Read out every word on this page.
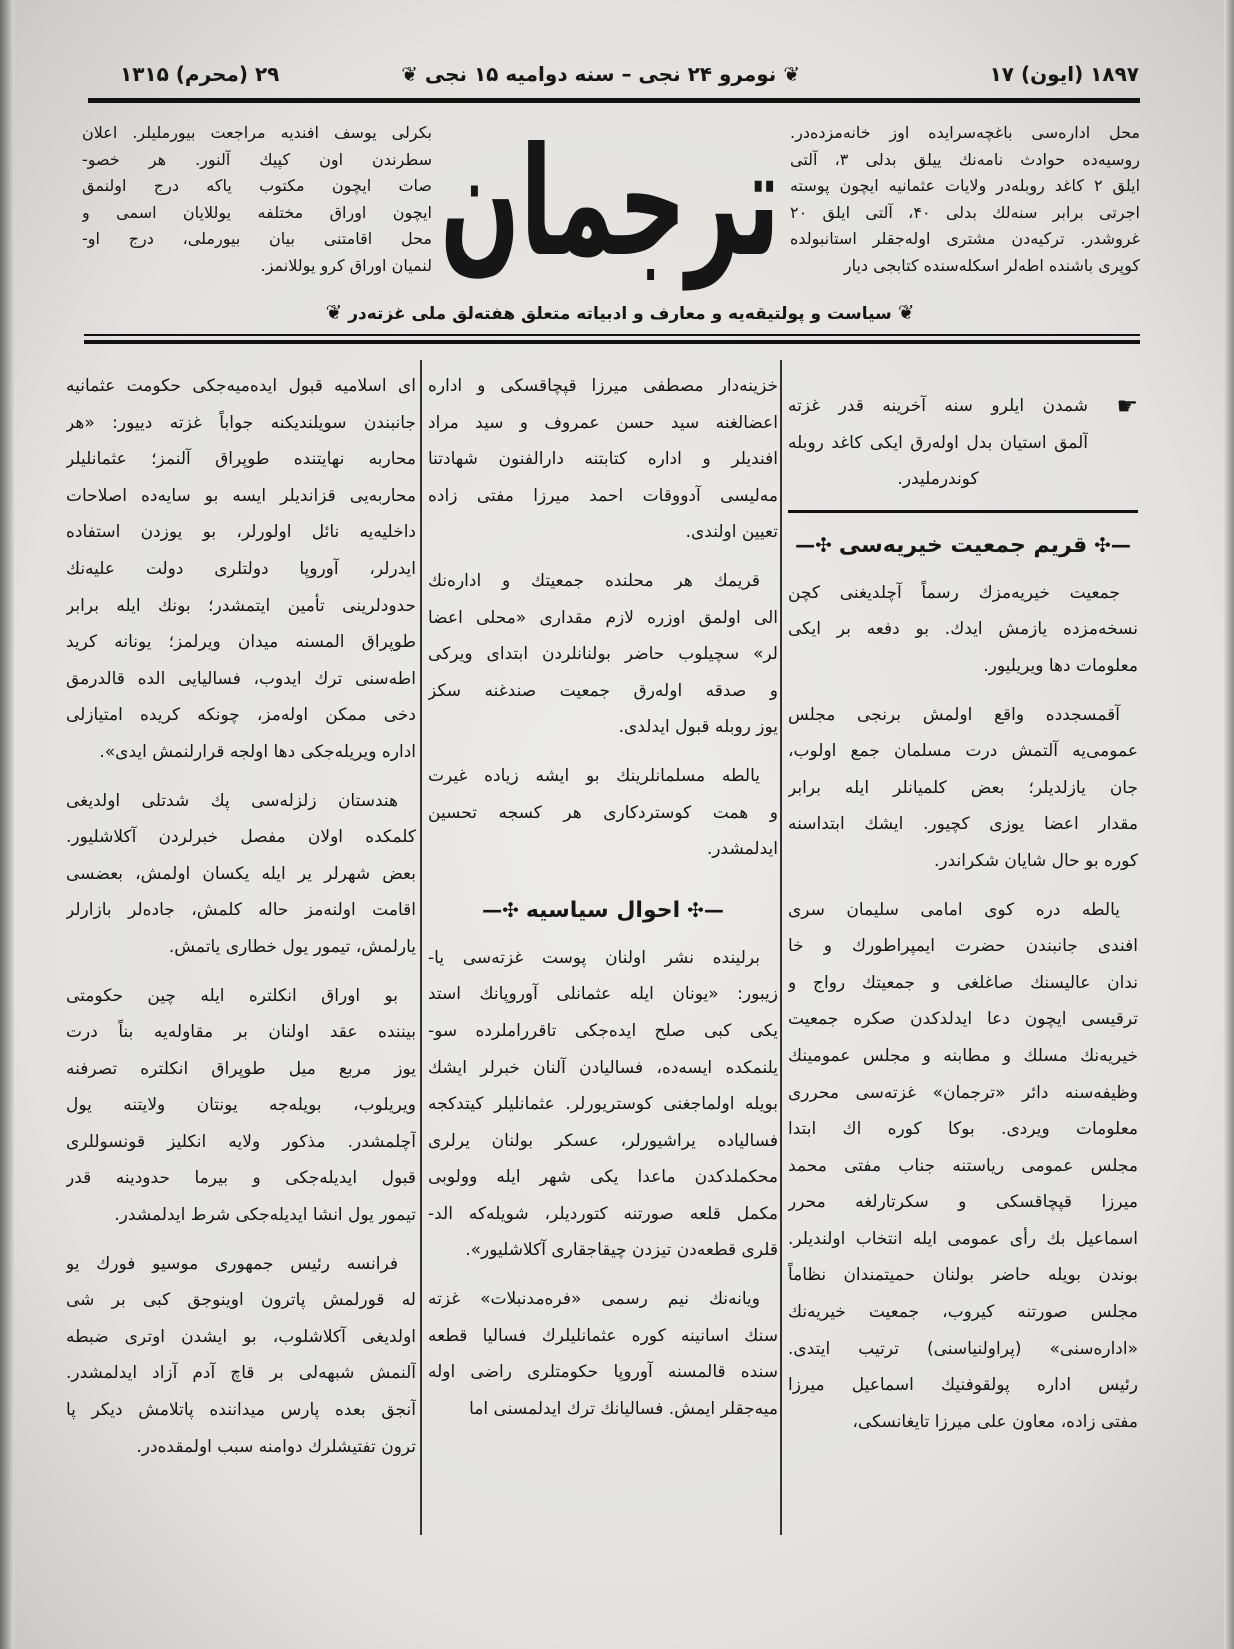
۱۸۹۷ (ایون) ۱۷
❦ نومرو ۲۴ نجی – سنه دوامیه ۱۵ نجی ❦
۲۹ (محرم) ۱۳۱۵
محل اداره‌سی باغچه‌سرایده اوز خانه‌مزده‌در.
روسیه‌ده حوادث نامه‌نك ییلق بدلی ۳، آلتی
ایلق ۲ کاغد روبله‌در ولایات عثمانیه ایچون پوسته
اجرتی برابر سنه‌لك بدلی ۴۰، آلتی ایلق ۲۰
غروشدر. ترکیه‌دن مشتری اوله‌جقلر استانبولده
کوپری باشنده اطه‌لر اسکله‌سنده کتابجی دیار
ترجمان
بکرلی یوسف افندیه مراجعت بیورملیلر. اعلان
سطرندن اون کپیك آلنور. هر خصو-
صات ایچون مکتوب یاکه درج اولنمق
ایچون اوراق مختلفه یوللایان اسمی و
محل اقامتنی بیان بیورملی، درج او-
لنمیان اوراق کرو یوللانمز.
❦ سیاست و پولتیقه‌یه و معارف و ادبیاته متعلق هفته‌لق ملی غزته‌در ❦
☛
شمدن ایلرو سنه آخرینه قدر غزته
آلمق استیان بدل اوله‌رق ایکی کاغد روبله
کوندرملیدر.
—✣ قریم جمعیت خیریه‌سی ✣—
جمعیت خیریه‌مزك رسماً آچلدیغنی کچن
نسخه‌مزده یازمش ایدك. بو دفعه بر ایکی
معلومات دها ویریلیور.
آقمسجدده واقع اولمش برنجی مجلس
عمومی‌یه آلتمش درت مسلمان جمع اولوب،
جان یازلدیلر؛ بعض کلمیانلر ایله برابر
مقدار اعضا یوزی کچیور. ایشك ابتداسنه
کوره بو حال شایان شکراندر.
یالطه دره کوی امامی سلیمان سری
افندی جانبندن حضرت ایمپراطورك و خا
ندان عالیسنك صاغلغی و جمعیتك رواج و
ترقیسی ایچون دعا ایدلدکدن صکره جمعیت
خیریه‌نك مسلك و مطابنه و مجلس عمومینك
وظیفه‌سنه دائر «ترجمان» غزته‌سی محرری
معلومات ویردی. بوکا کوره اك ابتدا
مجلس عمومی ریاستنه جناب مفتی محمد
میرزا قپچاقسکی و سکرتارلغه محرر
اسماعیل بك رأی عمومی ایله انتخاب اولندیلر.
بوندن بویله حاضر بولنان حمیتمندان نظاماً
مجلس صورتنه کیروب، جمعیت خیریه‌نك
«اداره‌سنی» (پراولنیاسنی) ترتیب ایتدی.
رئیس اداره پولقوفنیك اسماعیل میرزا
مفتی زاده، معاون علی میرزا تایغانسکی،
خزینه‌دار مصطفی میرزا قپچاقسکی و اداره
اعضالغنه سید حسن عمروف و سید مراد
افندیلر و اداره کتابتنه دارالفنون شهادتنا
مه‌لیسی آدووقات احمد میرزا مفتی زاده
تعیین اولندی.
قریمك هر محلنده جمعیتك و اداره‌نك
الی اولمق اوزره لازم مقداری «محلی اعضا
لر» سچیلوب حاضر بولنانلردن ابتدای ویرکی
و صدقه اوله‌رق جمعیت صندغنه سکز
یوز روبله قبول ایدلدی.
یالطه مسلمانلرینك بو ایشه زیاده غیرت
و همت کوستردکاری هر کسجه تحسین
ایدلمشدر.
—✣ احوال سیاسیه ✣—
برلینده نشر اولنان پوست غزته‌سی یا-
زیبور: «یونان ایله عثمانلی آوروپانك استد
یکی کبی صلح ایده‌جکی تاقرراملرده سو-
یلنمکده ایسه‌ده، فسالیادن آلنان خبرلر ایشك
بویله اولماجغنی کوستریورلر. عثمانلیلر کیتدکجه
فسالیاده یراشیورلر، عسکر بولنان یرلری
محکملدکدن ماعدا یکی شهر ایله وولوبی
مکمل قلعه صورتنه کتوردیلر، شویله‌که الد-
قلری قطعه‌دن تیزدن چیقاجقاری آکلاشلیور».
ویانه‌نك نیم رسمی «فره‌مدنبلات» غزته
سنك اسانینه کوره عثمانلیلرك فسالیا قطعه
سنده قالمسنه آوروپا حکومتلری راضی اوله
میه‌جقلر ایمش. فسالیانك ترك ایدلمسنی اما
ای اسلامیه قبول ایده‌میه‌جکی حکومت عثمانیه
جانبندن سویلندیکنه جواباً غزته دییور: «هر
محاربه نهایتنده طوپراق آلنمز؛ عثمانلیلر
محاربه‌یی قزاندیلر ایسه بو سایه‌ده اصلاحات
داخلیه‌یه نائل اولورلر، بو یوزدن استفاده
ایدرلر، آوروپا دولتلری دولت علیه‌نك
حدودلرینی تأمین ایتمشدر؛ بونك ایله برابر
طوپراق المسنه میدان ویرلمز؛ یونانه کرید
اطه‌سنی ترك ایدوب، فسالیایی الده قالدرمق
دخی ممکن اوله‌مز، چونکه کریده امتیازلی
اداره ویریله‌جکی دها اولجه قرارلنمش ایدی».
هندستان زلزله‌سی پك شدتلی اولدیغی
کلمکده اولان مفصل خبرلردن آکلاشلیور.
بعض شهرلر یر ایله یکسان اولمش، بعضسی
اقامت اولنه‌مز حاله کلمش، جاده‌لر بازارلر
یارلمش، تیمور یول خطاری یاتمش.
بو اوراق انکلتره ایله چین حکومتی
بیننده عقد اولنان بر مقاوله‌یه بناً درت
یوز مربع میل طوپراق انکلتره تصرفنه
ویریلوب، بویله‌جه یونتان ولایتنه یول
آچلمشدر. مذکور ولایه انکلیز قونسوللری
قبول ایدیله‌جکی و بیرما حدودینه قدر
تیمور یول انشا ایدیله‌جکی شرط ایدلمشدر.
فرانسه رئیس جمهوری موسیو فورك یو
له قورلمش پاترون اوینوجق کبی بر شی
اولدیغی آکلاشلوب، بو ایشدن اوتری ضبطه
آلنمش شبهه‌لی بر قاچ آدم آزاد ایدلمشدر.
آنجق بعده پارس میداننده پاتلامش دیکر پا
ترون تفتیشلرك دوامنه سبب اولمقده‌در.
